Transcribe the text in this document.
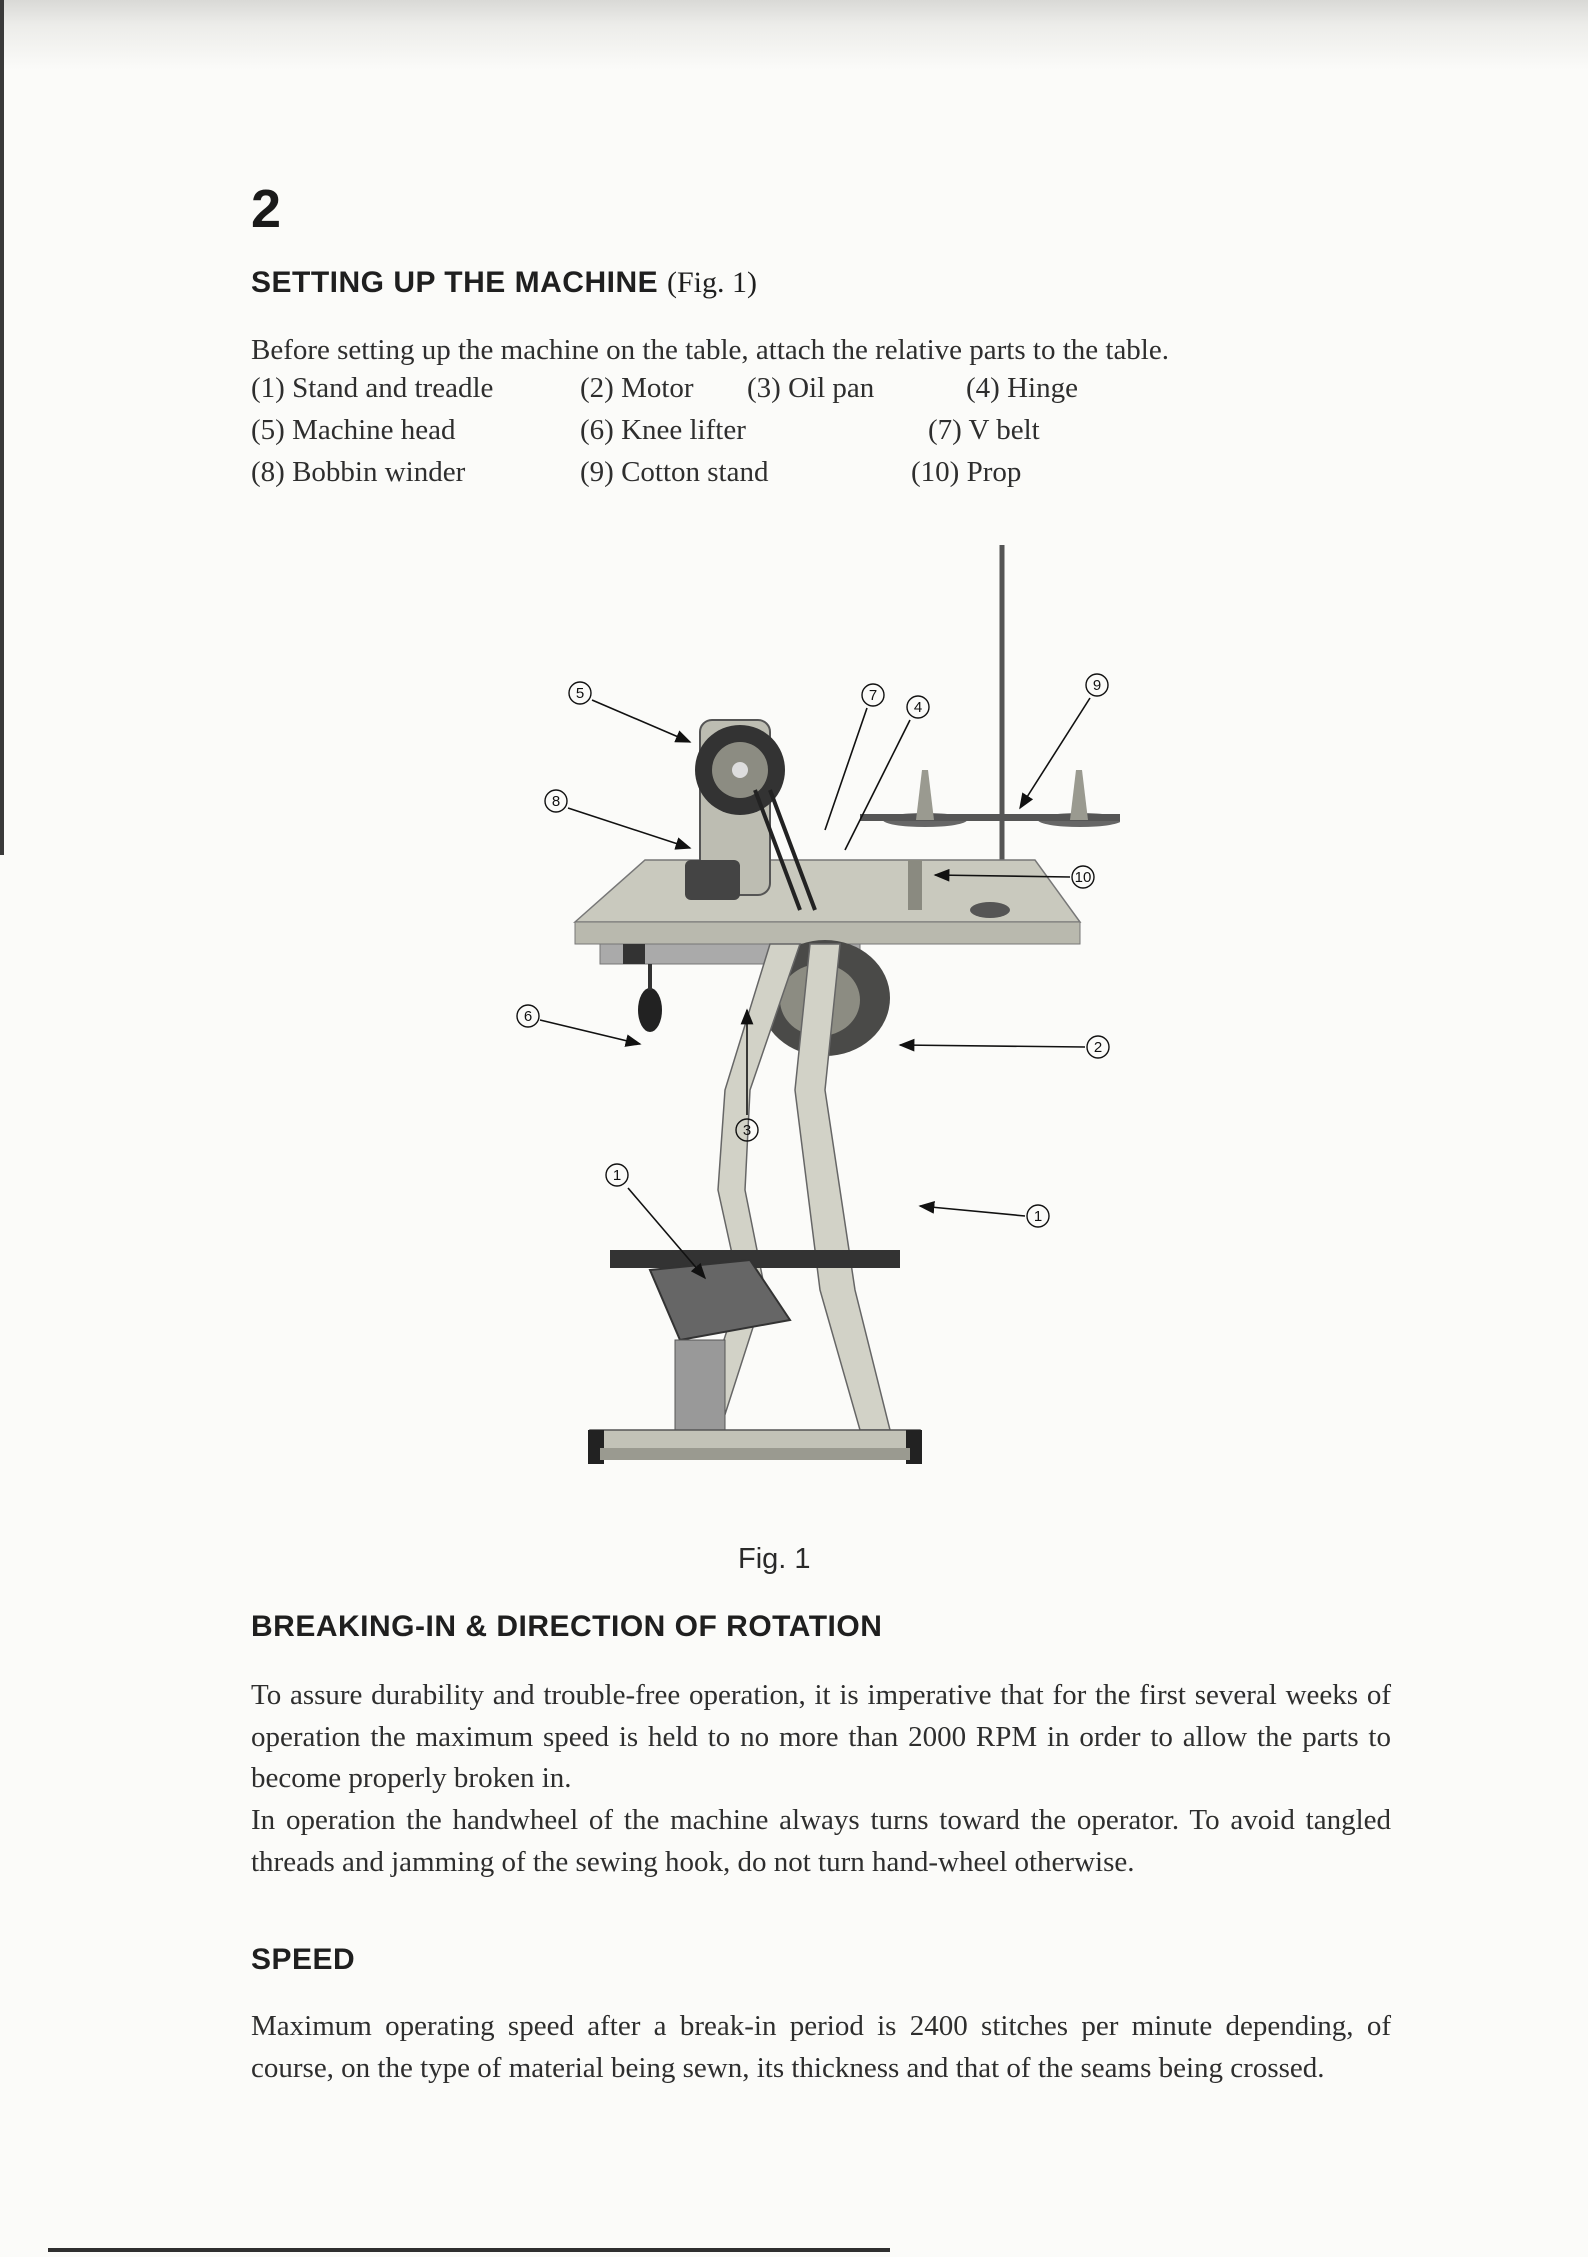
2
SETTING UP THE MACHINE (Fig. 1)

Before setting up the machine on the table, attach the relative parts to the table.

(1) Stand and treadle	(2) Motor (3) Oil pan	(4) Hinge
(5) Machine head	(6) Knee lifter	(7) V belt
(8) Bobbin winder	(9) Cotton stand	(10) Prop
5
8
6
3
1
7
4
9
10
2
1
Fig. 1
BREAKING-IN & DIRECTION OF ROTATION

To assure durability and trouble-free operation, it is imperative that for the first several weeks of operation the maximum speed is held to no more than 2000 RPM in order to allow the parts to become properly broken in.

In operation the handwheel of the machine always turns toward the operator. To avoid tangled threads and jamming of the sewing hook, do not turn hand-wheel otherwise.

SPEED

Maximum operating speed after a break-in period is 2400 stitches per minute depending, of course, on the type of material being sewn, its thickness and that of the seams being crossed.
